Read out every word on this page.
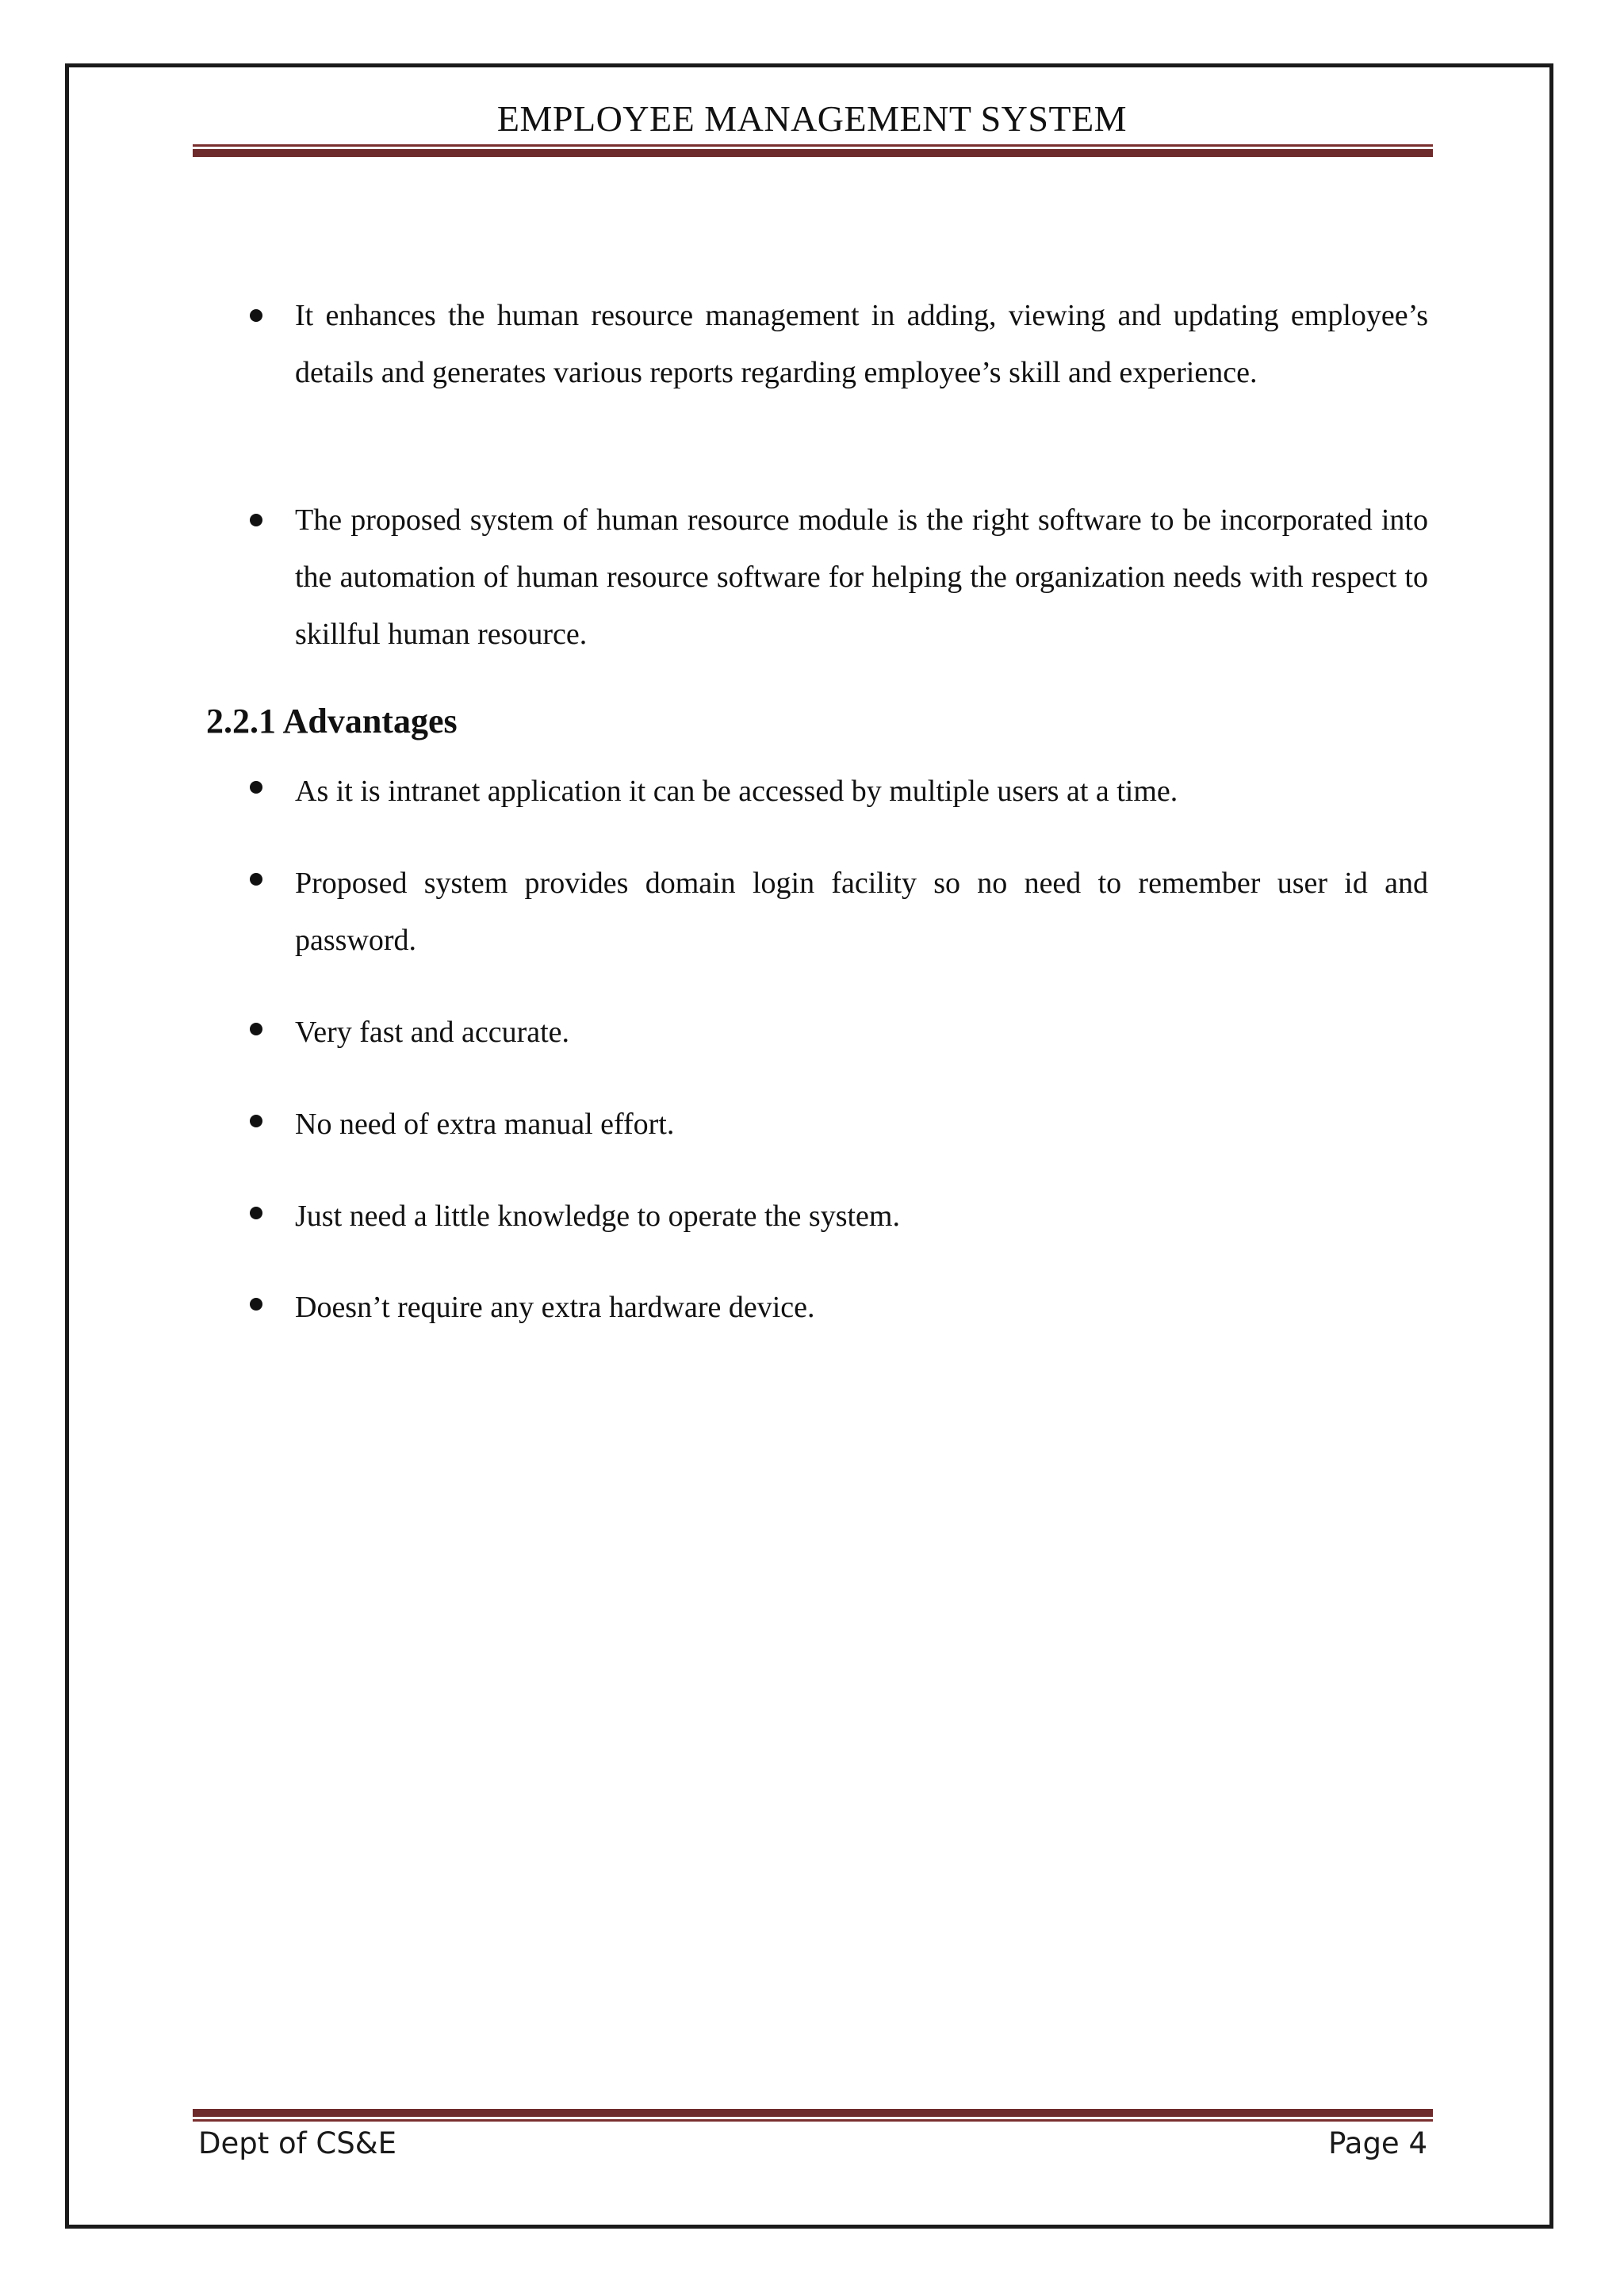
EMPLOYEE MANAGEMENT SYSTEM
It enhances the human resource management in adding, viewing and updating employee’s details and generates various reports regarding employee’s skill and experience.
The proposed system of human resource module is the right software to be incorporated into the automation of human resource software for helping the organization needs with respect to skillful human resource.
2.2.1 Advantages
As it is intranet application it can be accessed by multiple users at a time.
Proposed system provides domain login facility so no need to remember user id and password.
Very fast and accurate.
No need of extra manual effort.
Just need a little knowledge to operate the system.
Doesn’t require any extra hardware device.
Dept of CS&E	Page 4
